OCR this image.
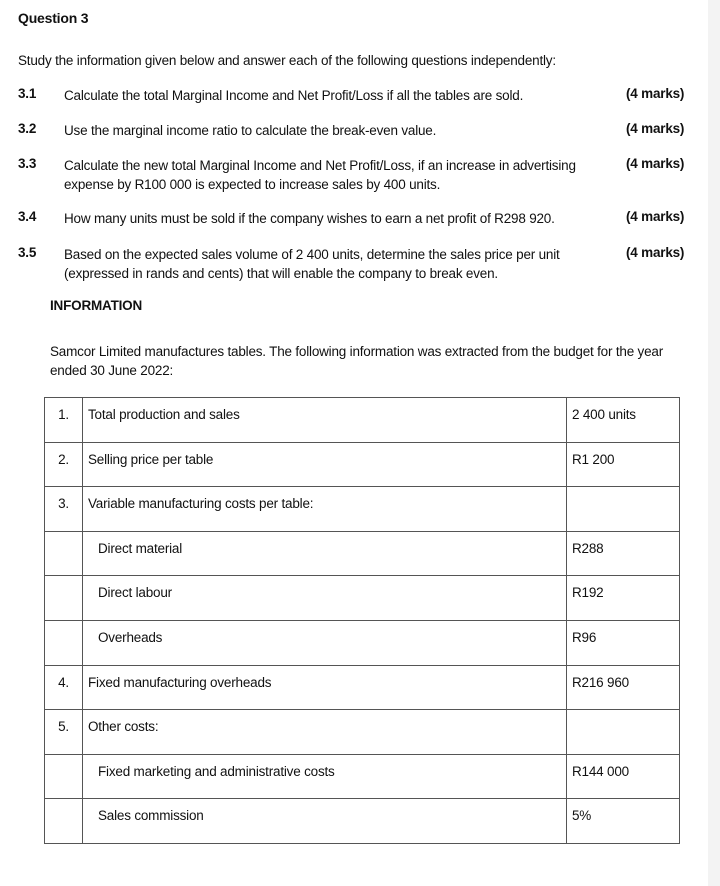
Question 3
Study the information given below and answer each of the following questions independently:
3.1 Calculate the total Marginal Income and Net Profit/Loss if all the tables are sold.	(4 marks)
3.2 Use the marginal income ratio to calculate the break-even value.	(4 marks)
3.3 Calculate the new total Marginal Income and Net Profit/Loss, if an increase in advertising expense by R100 000 is expected to increase sales by 400 units.
(4 marks)
3.4 How many units must be sold if the company wishes to earn a net profit of R298 920.	(4 marks)
3.5 Based on the expected sales volume of 2 400 units, determine the sales price per unit (expressed in rands and cents) that will enable the company to break even.
(4 marks)
INFORMATION
Samcor Limited manufactures tables. The following information was extracted from the budget for the year ended 30 June 2022:
1.	Total production and sales	2 400 units

2.	Selling price per table	R1 200

3.	Variable manufacturing costs per table:	

	Direct material	R288

	Direct labour	R192

	Overheads	R96

4.	Fixed manufacturing overheads	R216 960

5.	Other costs:	

	Fixed marketing and administrative costs	R144 000

	Sales commission	5%
